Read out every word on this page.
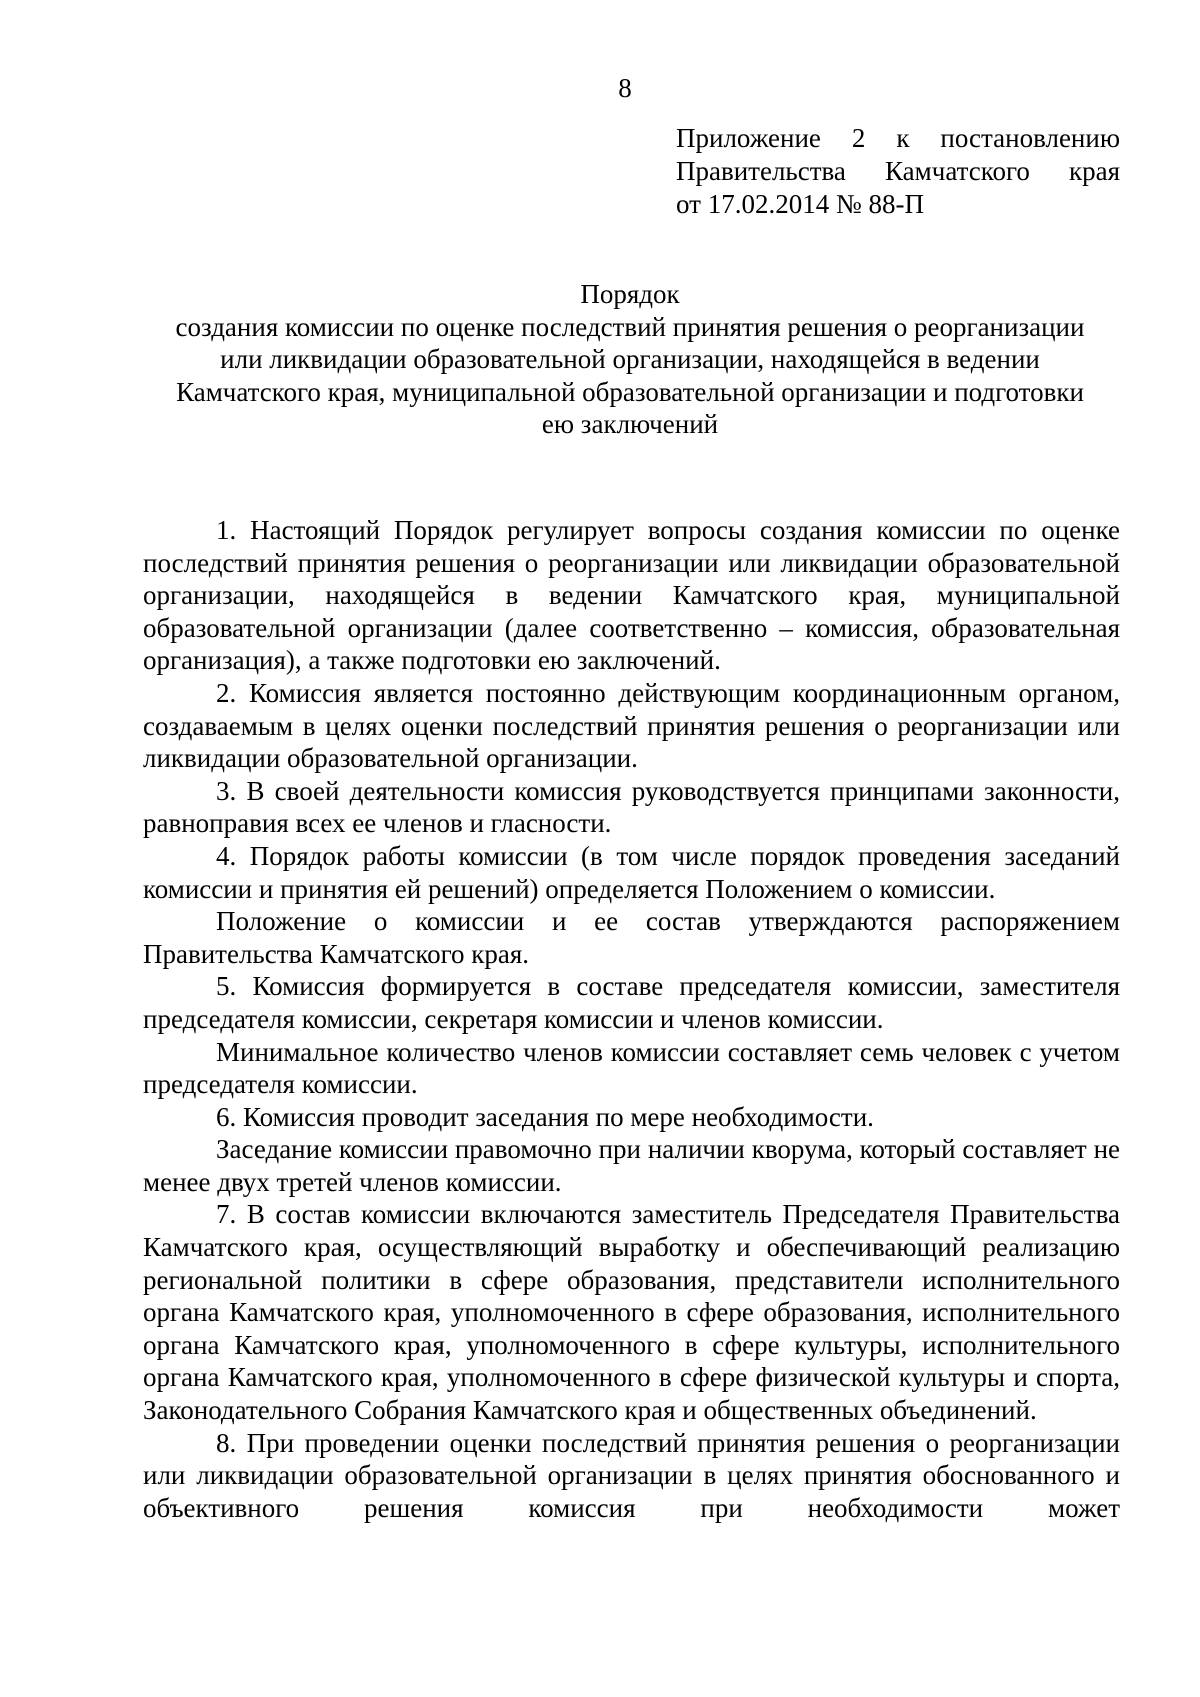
8
Приложение 2 к постановлению
Правительства Камчатского края
от 17.02.2014 № 88-П
Порядок
создания комиссии по оценке последствий принятия решения о реорганизации
или ликвидации образовательной организации, находящейся в ведении
Камчатского края, муниципальной образовательной организации и подготовки
ею заключений

1. Настоящий Порядок регулирует вопросы создания комиссии по оценке последствий принятия решения о реорганизации или ликвидации образовательной организации, находящейся в ведении Камчатского края, муниципальной образовательной организации (далее соответственно – комиссия, образовательная организация), а также подготовки ею заключений.

2. Комиссия является постоянно действующим координационным органом, создаваемым в целях оценки последствий принятия решения о реорганизации или ликвидации образовательной организации.

3. В своей деятельности комиссия руководствуется принципами законности, равноправия всех ее членов и гласности.

4. Порядок работы комиссии (в том числе порядок проведения заседаний комиссии и принятия ей решений) определяется Положением о комиссии.

Положение о комиссии и ее состав утверждаются распоряжением Правительства Камчатского края.

5. Комиссия формируется в составе председателя комиссии, заместителя председателя комиссии, секретаря комиссии и членов комиссии.

Минимальное количество членов комиссии составляет семь человек с учетом председателя комиссии.

6. Комиссия проводит заседания по мере необходимости.

Заседание комиссии правомочно при наличии кворума, который составляет не менее двух третей членов комиссии.

7. В состав комиссии включаются заместитель Председателя Правительства Камчатского края, осуществляющий выработку и обеспечивающий реализацию региональной политики в сфере образования, представители исполнительного органа Камчатского края, уполномоченного в сфере образования, исполнительного органа Камчатского края, уполномоченного в сфере культуры, исполнительного органа Камчатского края, уполномоченного в сфере физической культуры и спорта, Законодательного Собрания Камчатского края и общественных объединений.

8. При проведении оценки последствий принятия решения о реорганизации или ликвидации образовательной организации в целях принятия обоснованного и объективного решения комиссия при необходимости может
